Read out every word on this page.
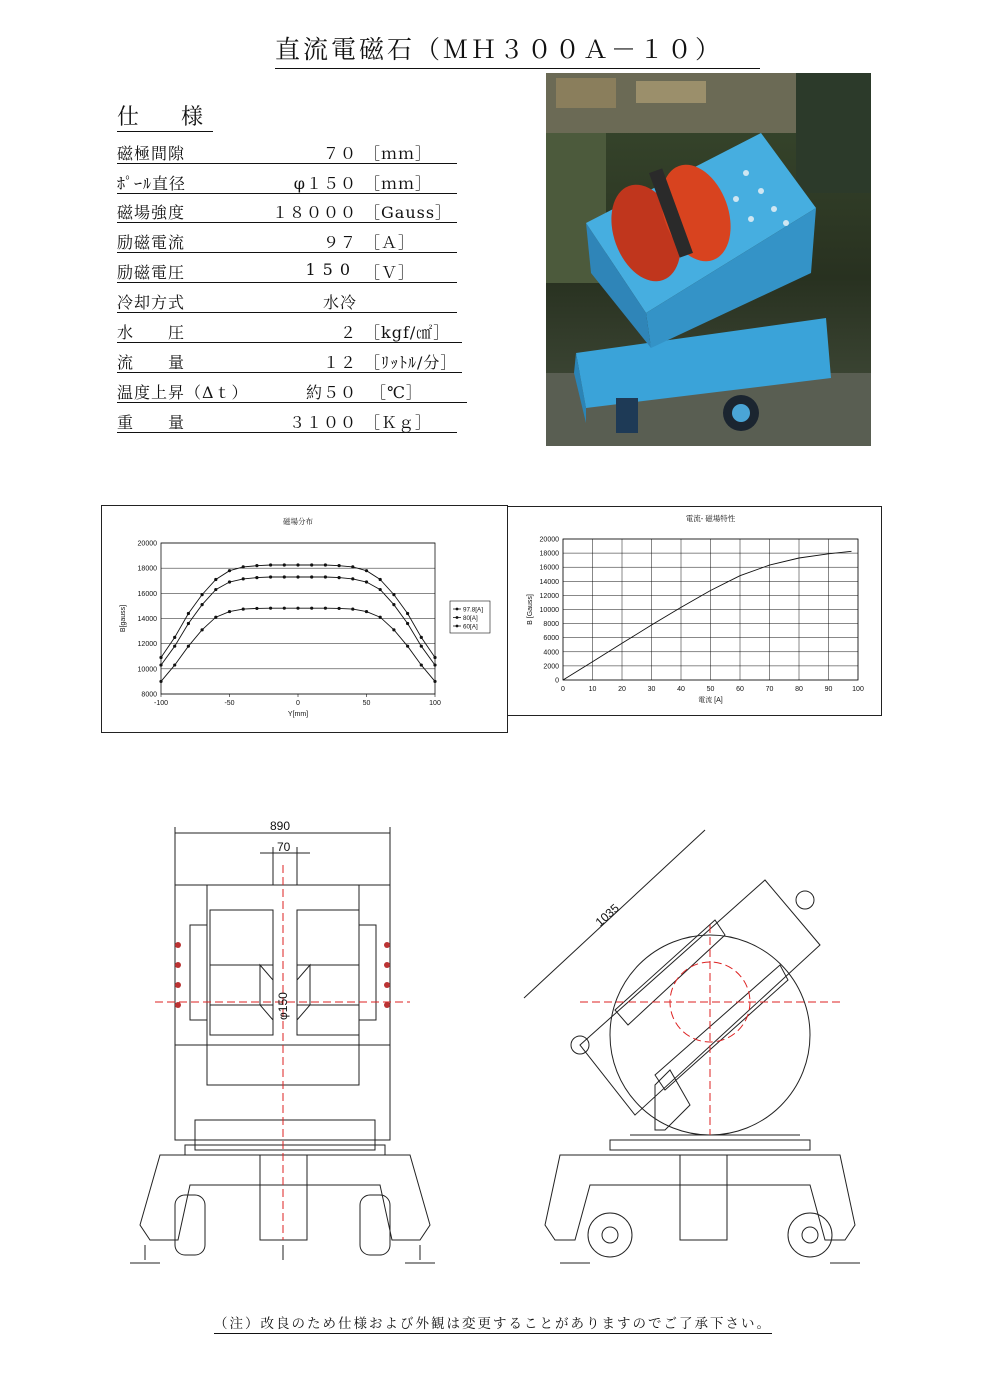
直流電磁石（ＭＨ３００Ａ－１０）
仕　様
磁極間隙	７０ ［ｍｍ］
ﾎﾟｰﾙ直径	φ１５０ ［ｍｍ］
磁場強度	１８０００ ［Gauss］
励磁電流	９７ ［Ａ］
励磁電圧	150 ［Ｖ］
冷却方式	水冷
水　　圧	２ ［kgf/㎠］
流　　量	１２ ［ﾘｯﾄﾙ/分］
温度上昇（Δｔ）	約５０ ［℃］
重　　量	３１００ ［Ｋｇ］
磁場分布
8000
10000
12000
14000
16000
18000
20000
-100	-50	0	50	100
Y[mm]
B[gauss]	97.8[A]
80[A]
60[A]
電流- 磁場特性
0
2000
4000
6000
8000
10000
12000
14000
16000
18000
20000
0	10	20	30	40	50	60	70	80	90	100
電流 [A]
B [Gauss]
890
70
φ150
1035
（注）改良のため仕様および外観は変更することがありますのでご了承下さい。
